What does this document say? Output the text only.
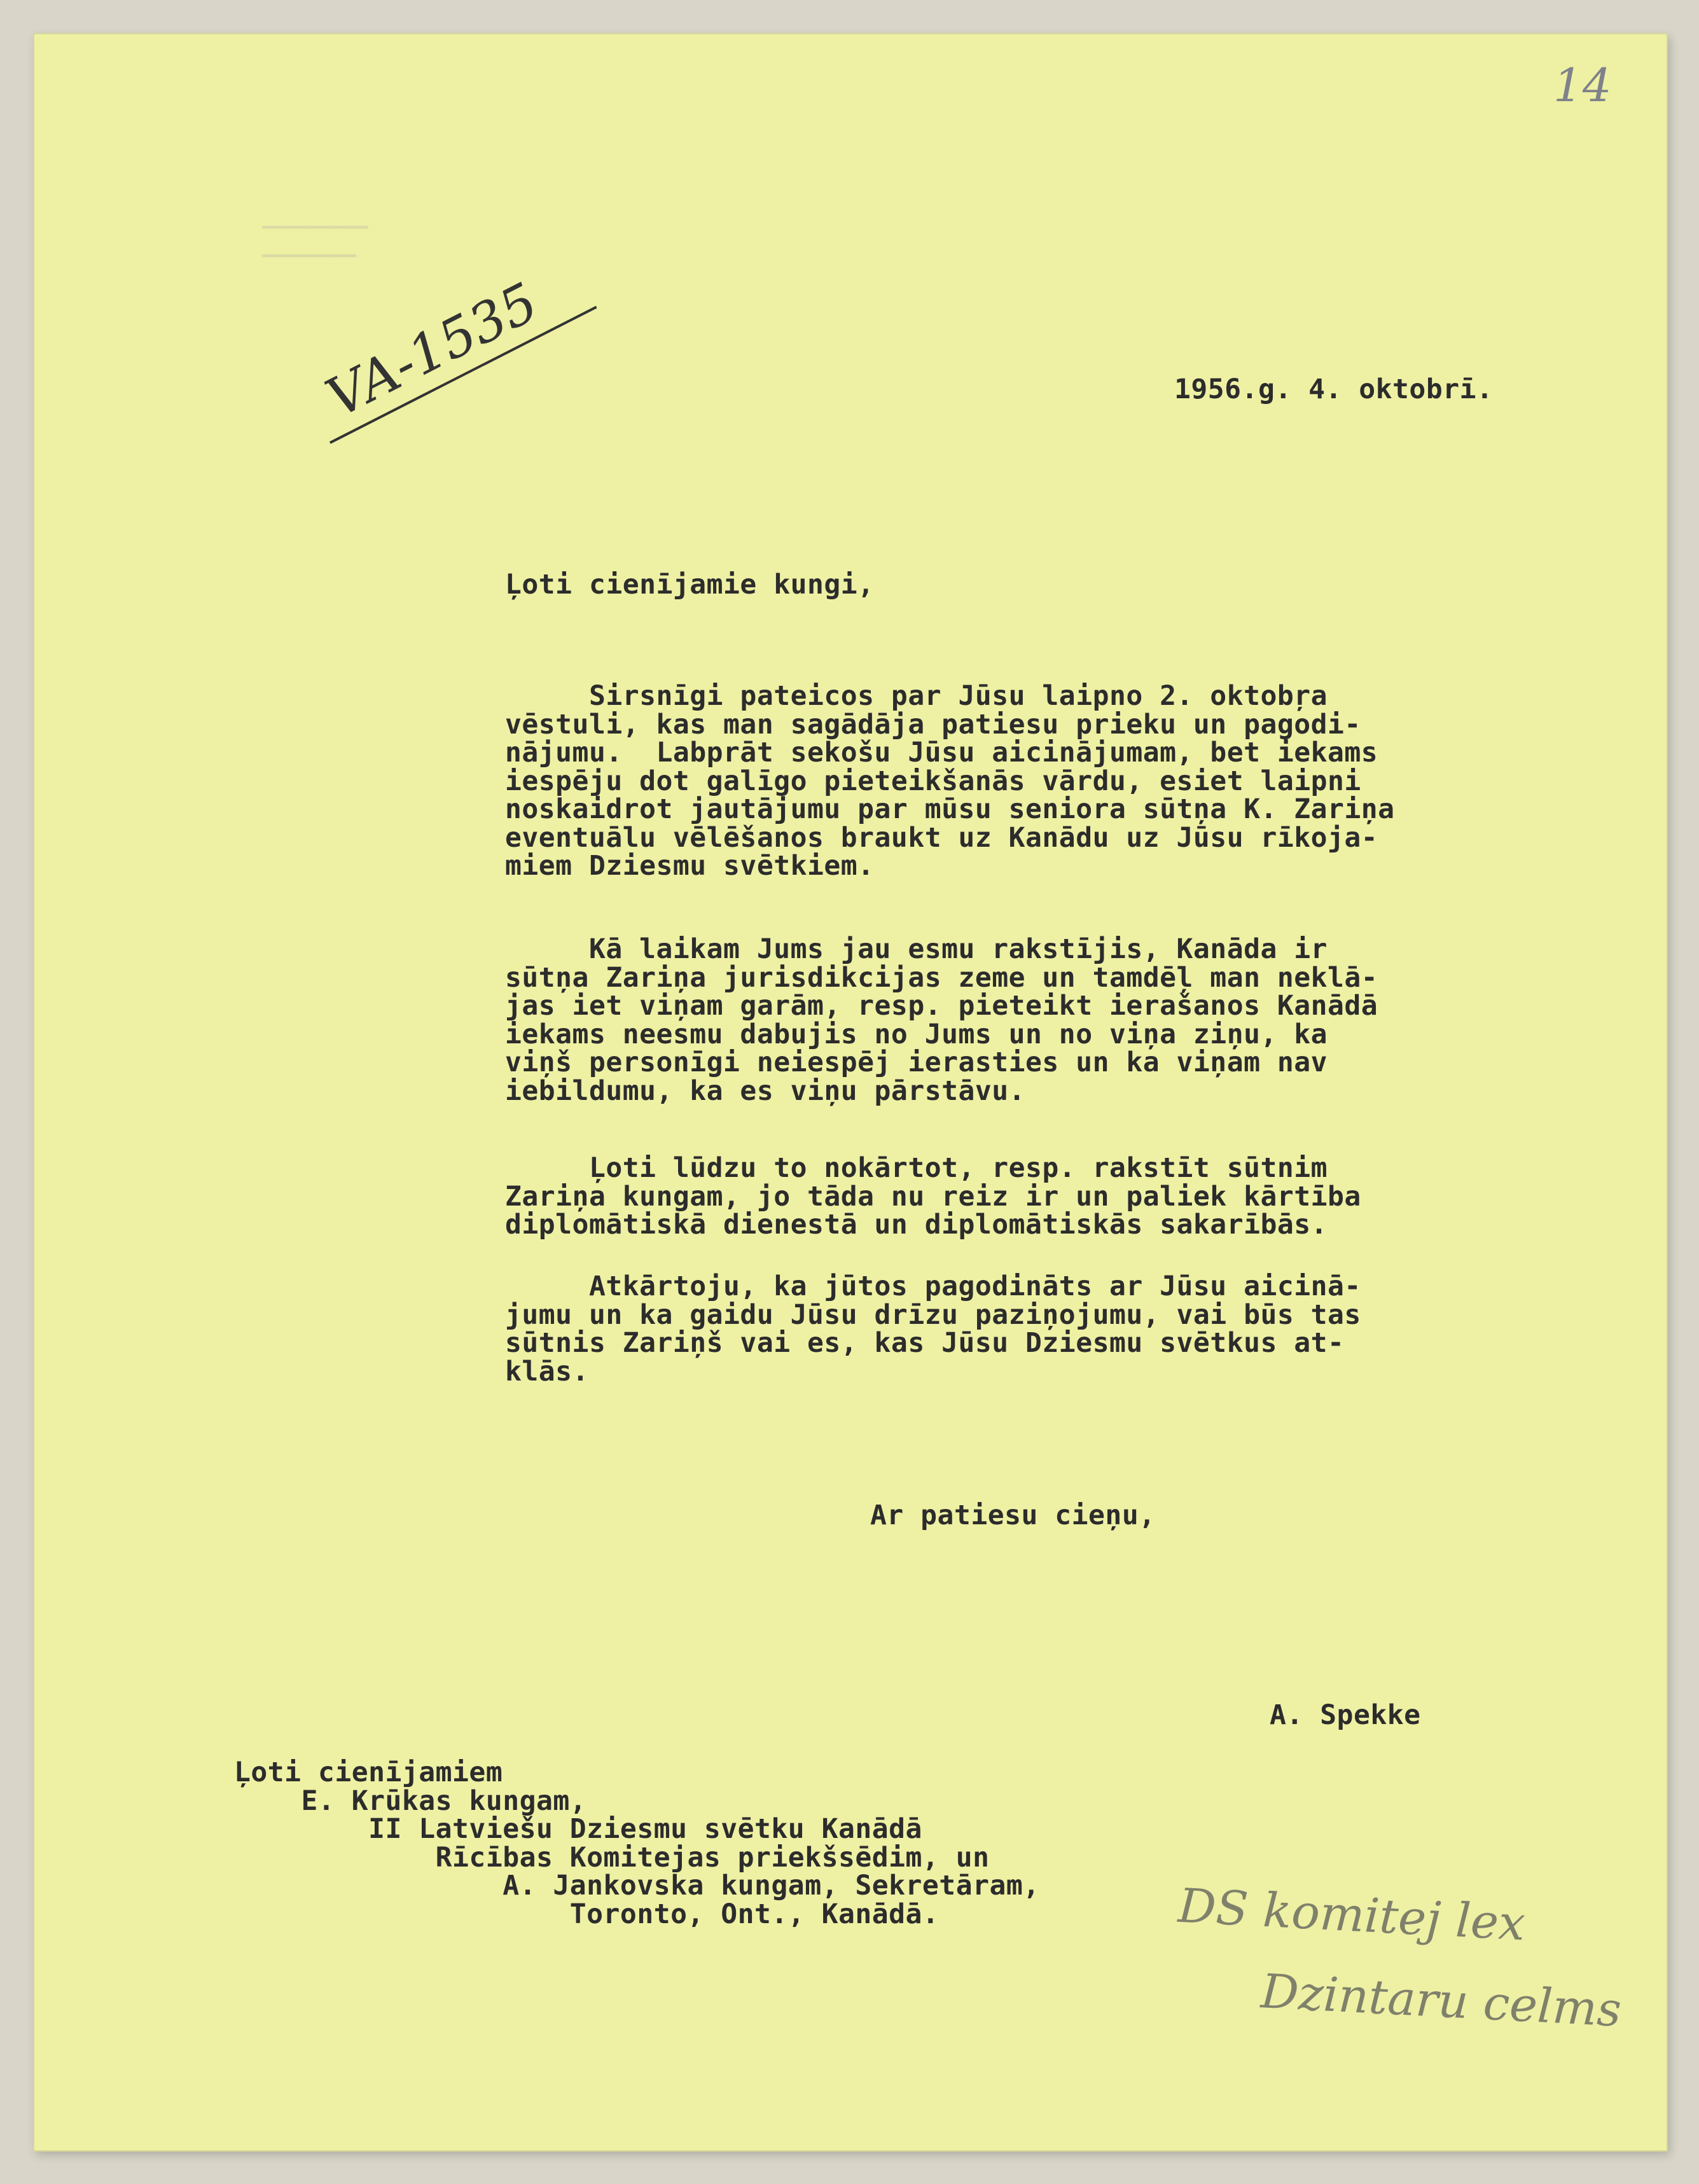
14
VA-1535
▔▔▔▔▔▔▔▔▔
▔▔▔▔▔▔▔▔
1956.g. 4. oktobrī.
Ļoti cienījamie kungi,
Sirsnīgi pateicos par Jūsu laipno 2. oktobŗa
vēstuli, kas man sagādāja patiesu prieku un pagodi-
nājumu.  Labprāt sekošu Jūsu aicinājumam, bet iekams
iespēju dot galīgo pieteikšanās vārdu, esiet laipni
noskaidrot jautājumu par mūsu seniora sūtņa K. Zariņa
eventuālu vēlēšanos braukt uz Kanādu uz Jūsu rīkoja-
miem Dziesmu svētkiem.
Kā laikam Jums jau esmu rakstījis, Kanāda ir
sūtņa Zariņa jurisdikcijas zeme un tamdēļ man neklā-
jas iet viņam garām, resp. pieteikt ierašanos Kanādā
iekams neesmu dabujis no Jums un no viņa ziņu, ka
viņš personīgi neiespēj ierasties un ka viņam nav
iebildumu, ka es viņu pārstāvu.
Ļoti lūdzu to nokārtot, resp. rakstīt sūtnim
Zariņa kungam, jo tāda nu reiz ir un paliek kārtība
diplomātiskā dienestā un diplomātiskās sakarībās.
Atkārtoju, ka jūtos pagodināts ar Jūsu aicinā-
jumu un ka gaidu Jūsu drīzu paziņojumu, vai būs tas
sūtnis Zariņš vai es, kas Jūsu Dziesmu svētkus at-
klās.
Ar patiesu cieņu,
A. Spekke
Ļoti cienījamiem
E. Krūkas kungam,
II Latviešu Dziesmu svētku Kanādā
Rīcības Komitejas priekšsēdim, un
A. Jankovska kungam, Sekretāram,
Toronto, Ont., Kanādā.	DS komitej lex
Dzintaru celms
